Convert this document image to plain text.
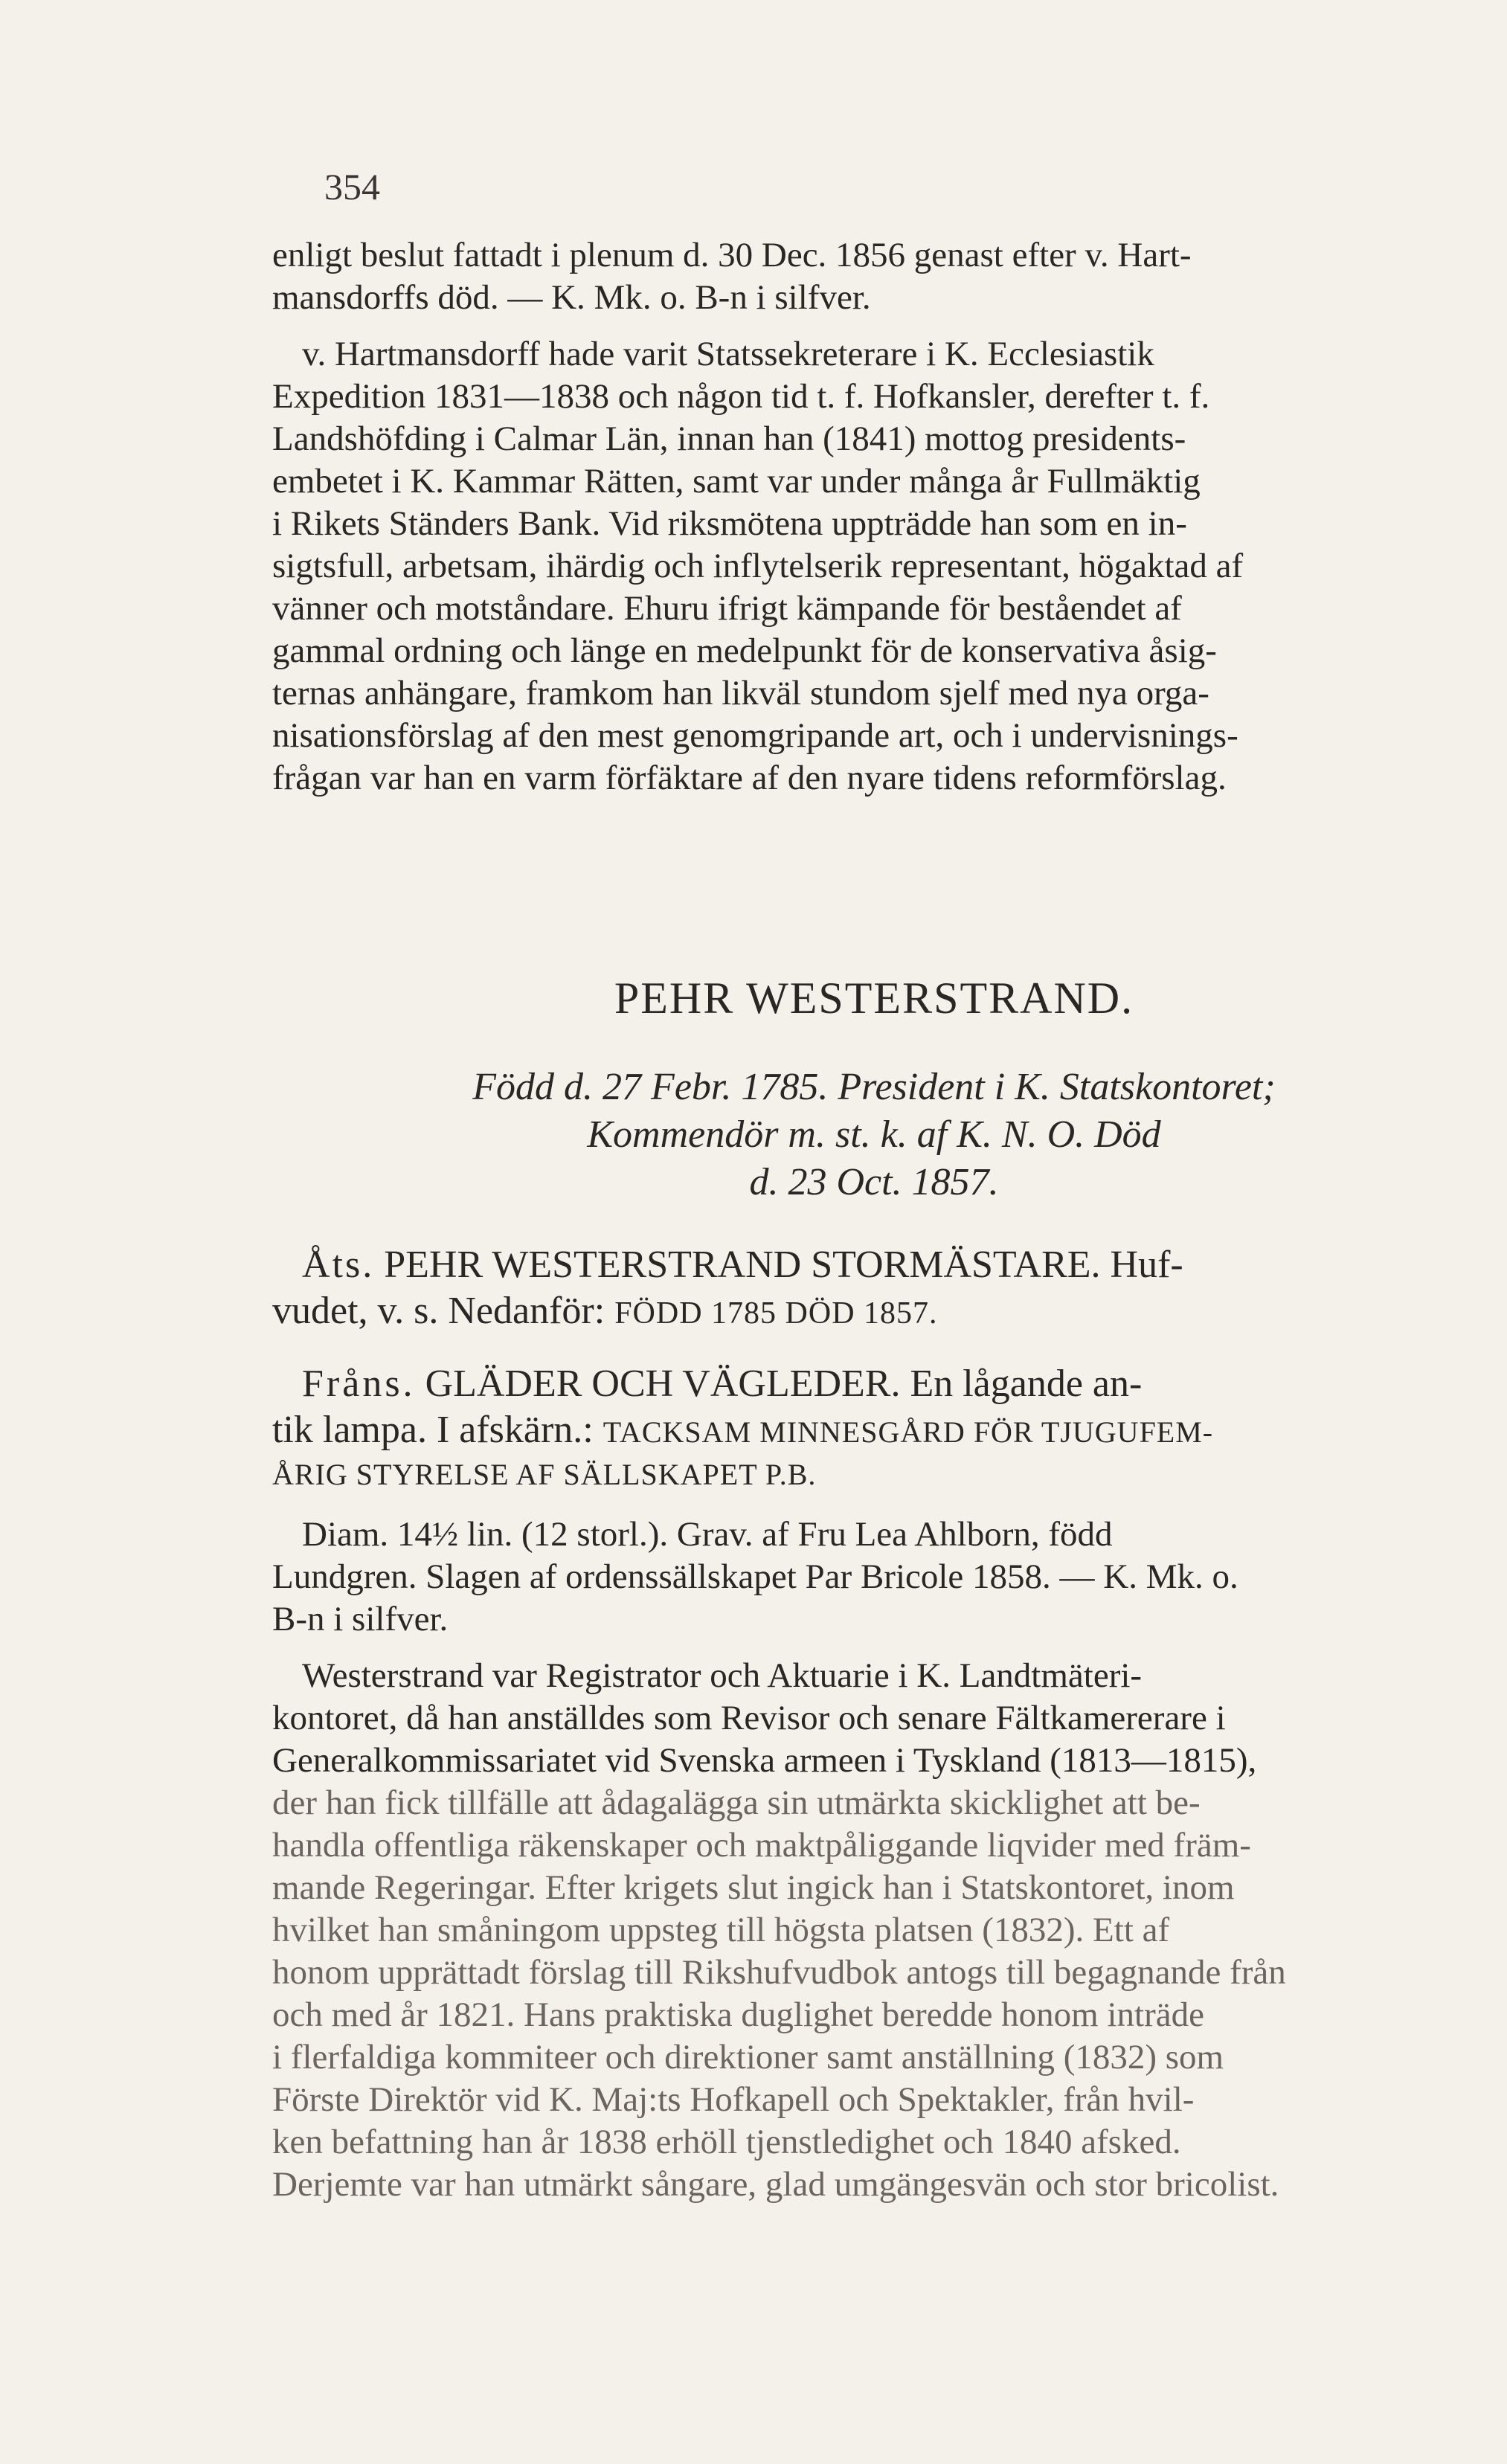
354

enligt beslut fattadt i plenum d. 30 Dec. 1856 genast efter v. Hart-
mansdorffs död. — K. Mk. o. B-n i silfver.

v. Hartmansdorff hade varit Statssekreterare i K. Ecclesiastik
Expedition 1831—1838 och någon tid t. f. Hofkansler, derefter t. f.
Landshöfding i Calmar Län, innan han (1841) mottog presidents-
embetet i K. Kammar Rätten, samt var under många år Fullmäktig
i Rikets Ständers Bank. Vid riksmötena uppträdde han som en in-
sigtsfull, arbetsam, ihärdig och inflytelserik representant, högaktad af
vänner och motståndare. Ehuru ifrigt kämpande för beståendet af
gammal ordning och länge en medelpunkt för de konservativa åsig-
ternas anhängare, framkom han likväl stundom sjelf med nya orga-
nisationsförslag af den mest genomgripande art, och i undervisnings-
frågan var han en varm förfäktare af den nyare tidens reformförslag.

PEHR WESTERSTRAND.
Född d. 27 Febr. 1785. President i K. Statskontoret;
Kommendör m. st. k. af K. N. O. Död
d. 23 Oct. 1857.

Åts. PEHR WESTERSTRAND STORMÄSTARE. Huf-
vudet, v. s. Nedanför: FÖDD 1785 DÖD 1857.

Fråns. GLÄDER OCH VÄGLEDER. En lågande an-
tik lampa. I afskärn.: TACKSAM MINNESGÅRD FÖR TJUGUFEM-
ÅRIG STYRELSE AF SÄLLSKAPET P.B.

Diam. 14½ lin. (12 storl.). Grav. af Fru Lea Ahlborn, född
Lundgren. Slagen af ordenssällskapet Par Bricole 1858. — K. Mk. o.
B-n i silfver.

Westerstrand var Registrator och Aktuarie i K. Landtmäteri-
kontoret, då han anställdes som Revisor och senare Fältkamererare i
Generalkommissariatet vid Svenska armeen i Tyskland (1813—1815),
der han fick tillfälle att ådagalägga sin utmärkta skicklighet att be-
handla offentliga räkenskaper och maktpåliggande liqvider med främ-
mande Regeringar. Efter krigets slut ingick han i Statskontoret, inom
hvilket han småningom uppsteg till högsta platsen (1832). Ett af
honom upprättadt förslag till Rikshufvudbok antogs till begagnande från
och med år 1821. Hans praktiska duglighet beredde honom inträde
i flerfaldiga kommiteer och direktioner samt anställning (1832) som
Förste Direktör vid K. Maj:ts Hofkapell och Spektakler, från hvil-
ken befattning han år 1838 erhöll tjenstledighet och 1840 afsked.
Derjemte var han utmärkt sångare, glad umgängesvän och stor bricolist.
